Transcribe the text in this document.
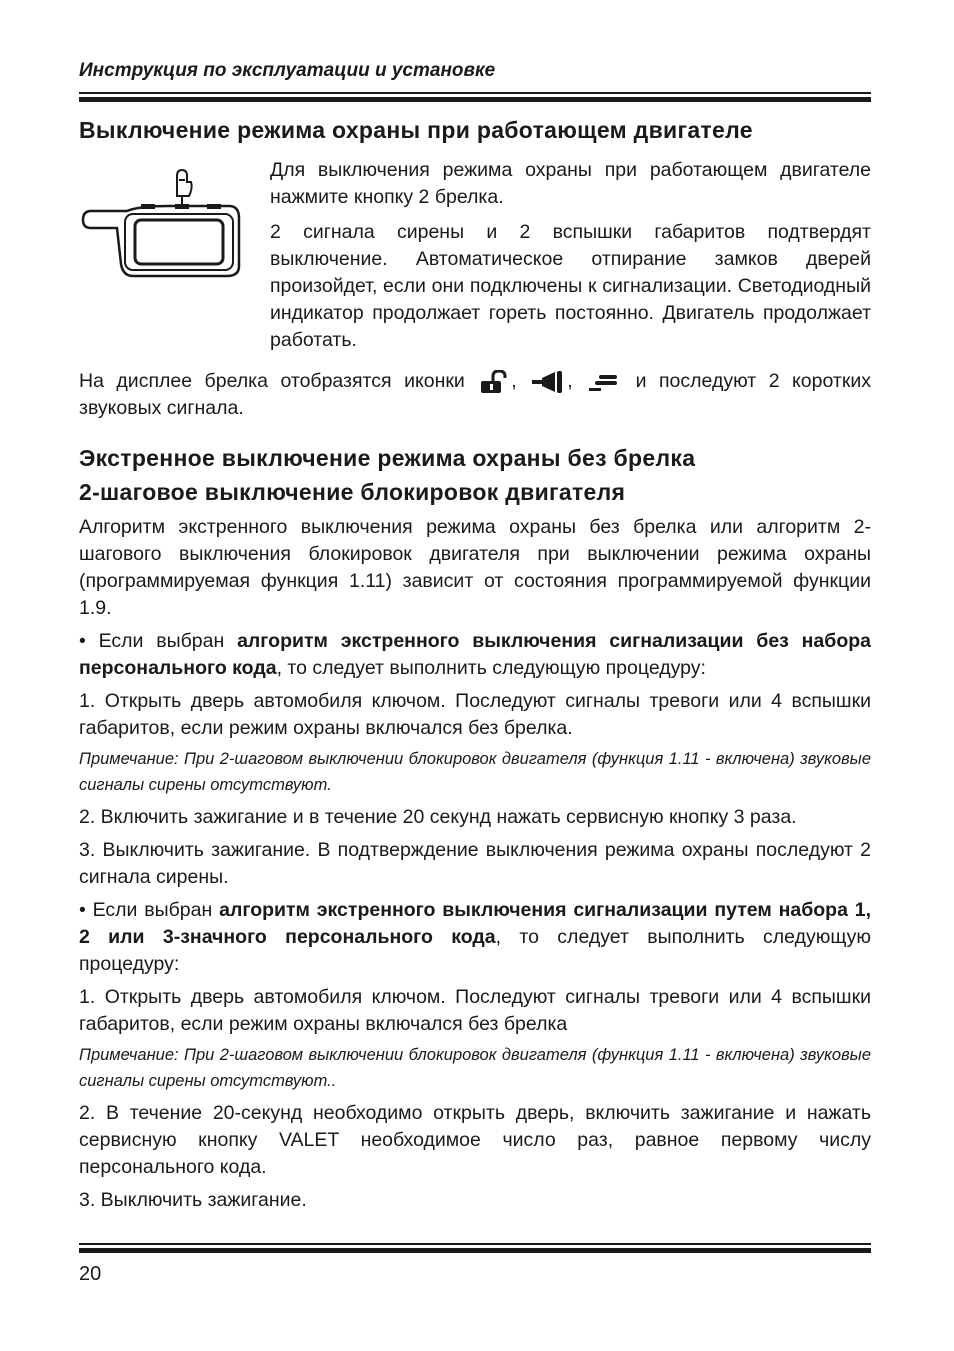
Инструкция по эксплуатации и установке
Выключение режима охраны при работающем двигателе

Для выключения режима охраны при работающем двигателе нажмите кнопку 2 брелка.

2 сигнала сирены и 2 вспышки габаритов подтвердят выключение. Автоматическое отпирание замков дверей произойдет, если они подключены к сигнализации. Светодиодный индикатор продолжает гореть постоянно. Двигатель продолжает работать.

На дисплее брелка отобразятся иконки ,	,	и последуют 2 коротких звуковых сигнала.

Экстренное выключение режима охраны без брелка
2-шаговое выключение блокировок двигателя

Алгоритм экстренного выключения режима охраны без брелка или алгоритм 2-шагового выключения блокировок двигателя при выключении режима охраны (программируемая функция 1.11) зависит от состояния программируемой функции 1.9.

• Если выбран алгоритм экстренного выключения сигнализации без набора персонального кода, то следует выполнить следующую процедуру:

1. Открыть дверь автомобиля ключом. Последуют сигналы тревоги или 4 вспышки габаритов, если режим охраны включался без брелка.

Примечание: При 2-шаговом выключении блокировок двигателя (функция 1.11 - включена) звуковые сигналы сирены отсутствуют.

2. Включить зажигание и в течение 20 секунд нажать сервисную кнопку 3 раза.

3. Выключить зажигание. В подтверждение выключения режима охраны последуют 2 сигнала сирены.

• Если выбран алгоритм экстренного выключения сигнализации путем набора 1, 2 или 3-значного персонального кода, то следует выполнить следующую процедуру:

1. Открыть дверь автомобиля ключом. Последуют сигналы тревоги или 4 вспышки габаритов, если режим охраны включался без брелка

Примечание: При 2-шаговом выключении блокировок двигателя (функция 1.11 - включена) звуковые сигналы сирены отсутствуют..

2. В течение 20-секунд необходимо открыть дверь, включить зажигание и нажать сервисную кнопку VALET необходимое число раз, равное первому числу персонального кода.

3. Выключить зажигание.

20
